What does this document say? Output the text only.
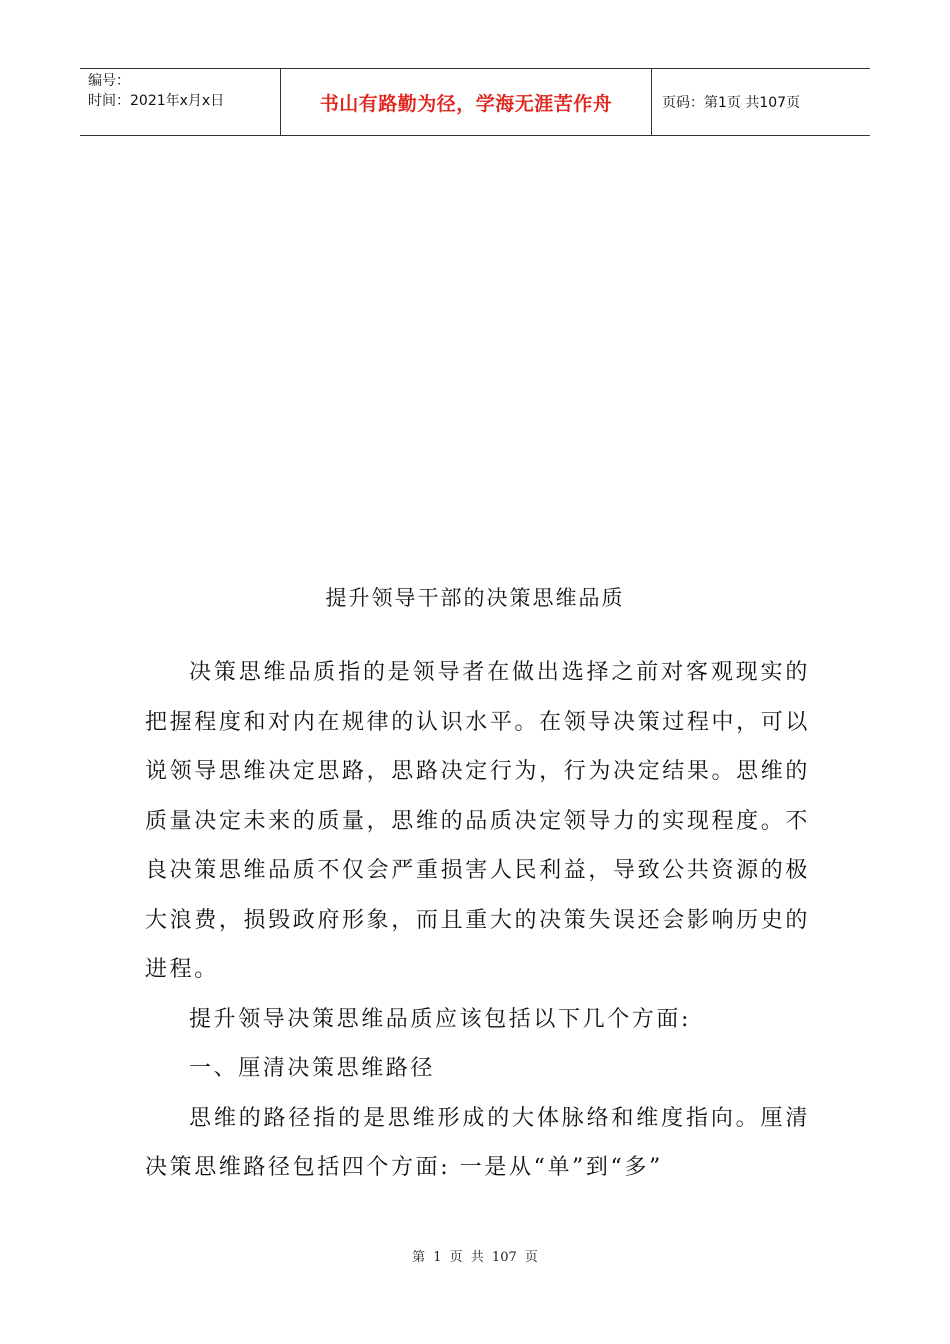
编号：
时间：2021年x月x日	书山有路勤为径，学海无涯苦作舟	页码：第1页 共107页
提升领导干部的决策思维品质

决策思维品质指的是领导者在做出选择之前对客观现实的把握程度和对内在规律的认识水平。在领导决策过程中，可以说领导思维决定思路，思路决定行为，行为决定结果。思维的质量决定未来的质量，思维的品质决定领导力的实现程度。不良决策思维品质不仅会严重损害人民利益，导致公共资源的极大浪费，损毁政府形象，而且重大的决策失误还会影响历史的进程。

提升领导决策思维品质应该包括以下几个方面:

一、厘清决策思维路径

思维的路径指的是思维形成的大体脉络和维度指向。厘清决策思维路径包括四个方面: 一是从“单”到“多”

第 1 页 共 107 页
